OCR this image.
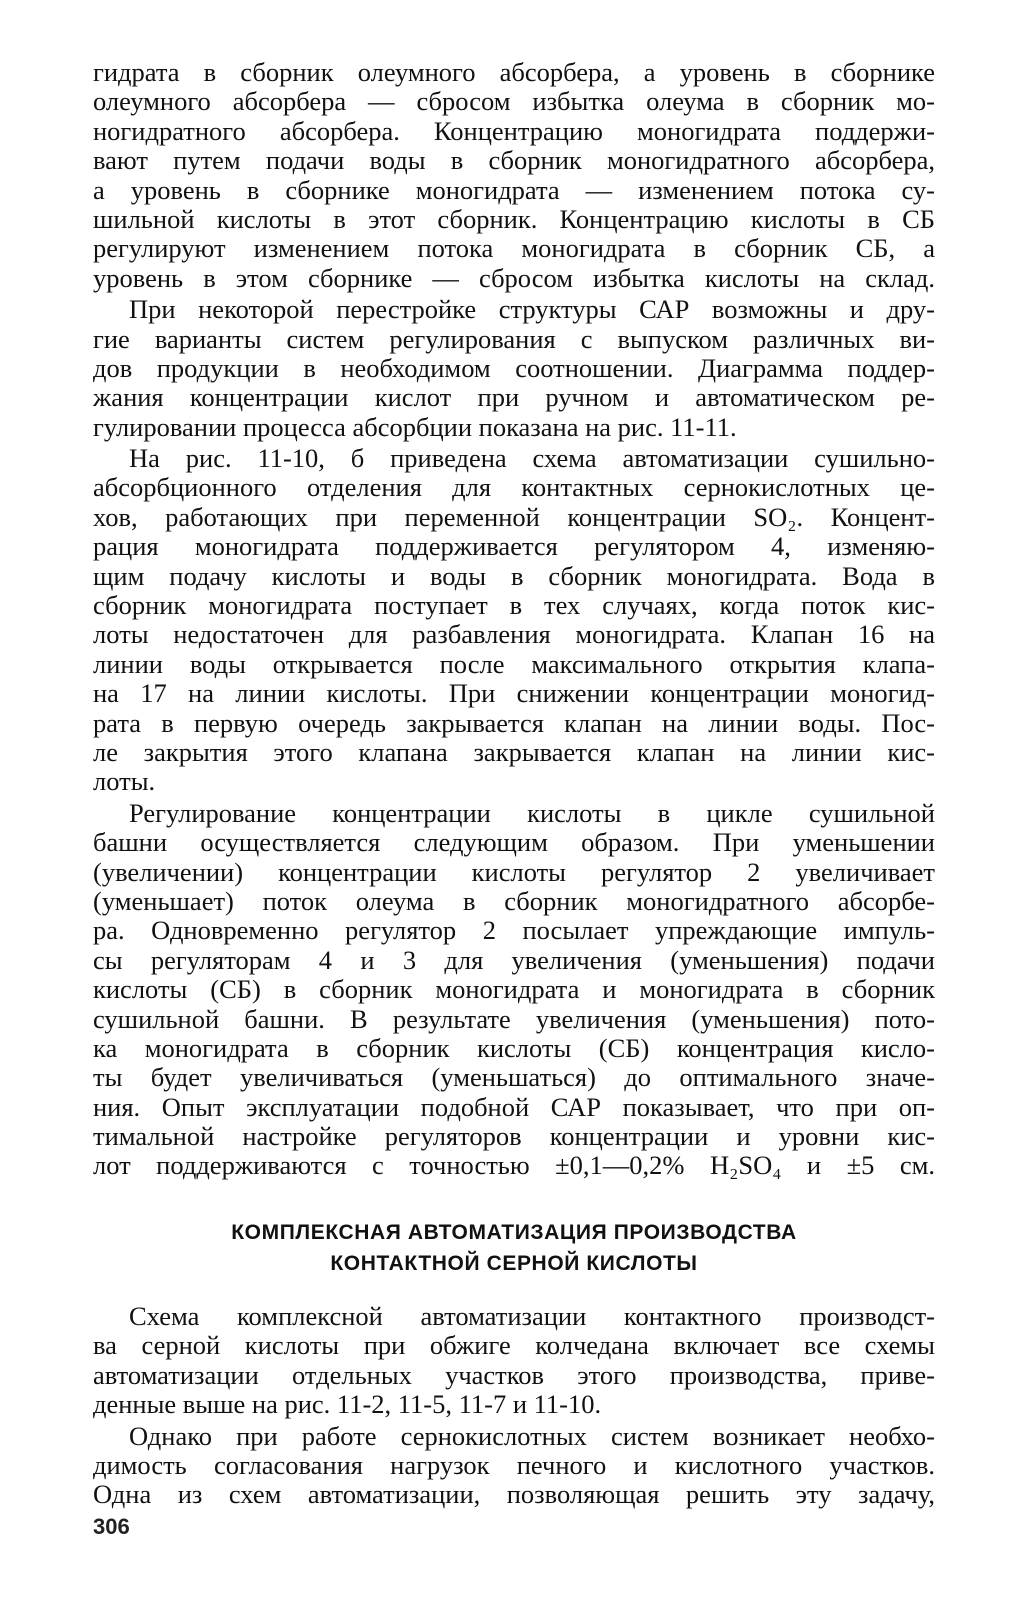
гидрата в сборник олеумного абсорбера, а уровень в сборнике
олеумного абсорбера — сбросом избытка олеума в сборник мо-
ногидратного абсорбера. Концентрацию моногидрата поддержи-
вают путем подачи воды в сборник моногидратного абсорбера,
а уровень в сборнике моногидрата — изменением потока су-
шильной кислоты в этот сборник. Концентрацию кислоты в СБ
регулируют изменением потока моногидрата в сборник СБ, а
уровень в этом сборнике — сбросом избытка кислоты на склад.
При некоторой перестройке структуры САР возможны и дру-
гие варианты систем регулирования с выпуском различных ви-
дов продукции в необходимом соотношении. Диаграмма поддер-
жания концентрации кислот при ручном и автоматическом ре-
гулировании процесса абсорбции показана на рис. 11-11.
На рис. 11-10, б приведена схема автоматизации сушильно-
абсорбционного отделения для контактных сернокислотных це-
хов, работающих при переменной концентрации SO₂. Концент-
рация моногидрата поддерживается регулятором 4, изменяю-
щим подачу кислоты и воды в сборник моногидрата. Вода в
сборник моногидрата поступает в тех случаях, когда поток кис-
лоты недостаточен для разбавления моногидрата. Клапан 16 на
линии воды открывается после максимального открытия клапа-
на 17 на линии кислоты. При снижении концентрации моногид-
рата в первую очередь закрывается клапан на линии воды. Пос-
ле закрытия этого клапана закрывается клапан на линии кис-
лоты.
Регулирование концентрации кислоты в цикле сушильной
башни осуществляется следующим образом. При уменьшении
(увеличении) концентрации кислоты регулятор 2 увеличивает
(уменьшает) поток олеума в сборник моногидратного абсорбе-
ра. Одновременно регулятор 2 посылает упреждающие импуль-
сы регуляторам 4 и 3 для увеличения (уменьшения) подачи
кислоты (СБ) в сборник моногидрата и моногидрата в сборник
сушильной башни. В результате увеличения (уменьшения) пото-
ка моногидрата в сборник кислоты (СБ) концентрация кисло-
ты будет увеличиваться (уменьшаться) до оптимального значе-
ния. Опыт эксплуатации подобной САР показывает, что при оп-
тимальной настройке регуляторов концентрации и уровни кис-
лот поддерживаются с точностью ±0,1—0,2% H₂SO₄ и ±5 см.
КОМПЛЕКСНАЯ АВТОМАТИЗАЦИЯ ПРОИЗВОДСТВА
КОНТАКТНОЙ СЕРНОЙ КИСЛОТЫ
Схема комплексной автоматизации контактного производст-
ва серной кислоты при обжиге колчедана включает все схемы
автоматизации отдельных участков этого производства, приве-
денные выше на рис. 11-2, 11-5, 11-7 и 11-10.
Однако при работе сернокислотных систем возникает необхо-
димость согласования нагрузок печного и кислотного участков.
Одна из схем автоматизации, позволяющая решить эту задачу,
306
